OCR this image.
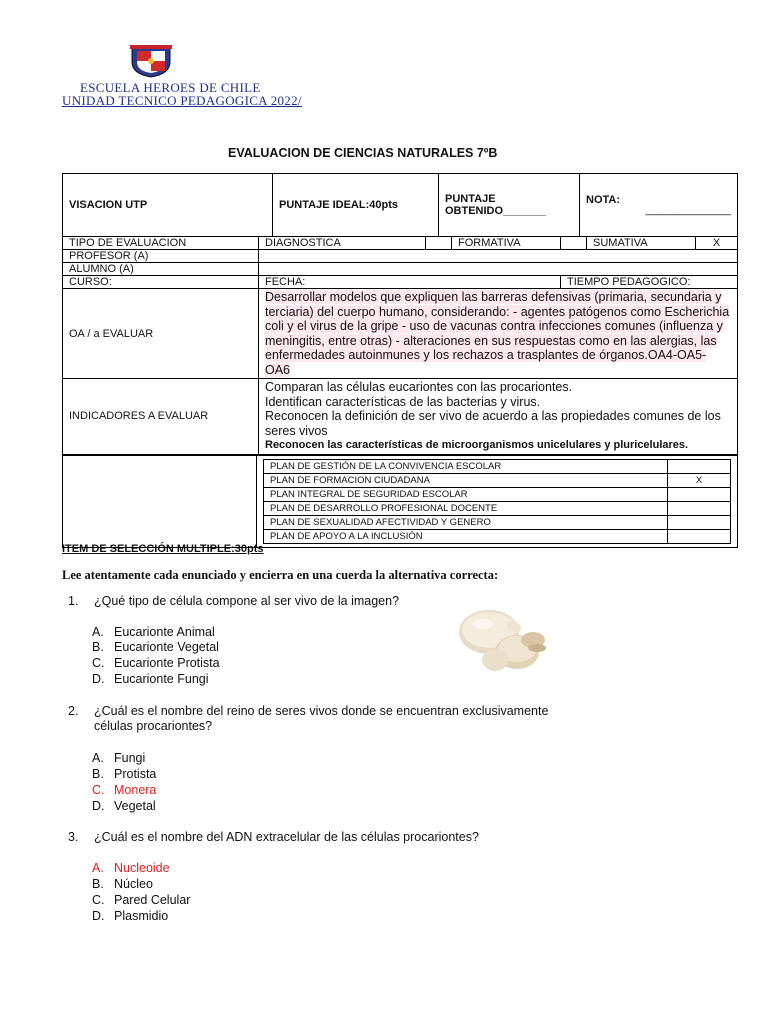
ESCUELA HEROES DE CHILE
UNIDAD TECNICO PEDAGOGICA 2022/
EVALUACION DE CIENCIAS NATURALES 7ºB
VISACION UTP	PUNTAJE IDEAL:40pts	PUNTAJE
OBTENIDO_______
	NOTA:
______________
TIPO DE EVALUACION	DIAGNOSTICA		FORMATIVA		SUMATIVA	X
PROFESOR (A)						
ALUMNO (A)						
CURSO:	FECHA:			TIEMPO PEDAGOGICO:		
OA / a EVALUAR	Desarrollar modelos que expliquen las barreras defensivas (primaria, secundaria y terciaria) del cuerpo humano, considerando: - agentes patógenos como Escherichia coli y el virus de la gripe - uso de vacunas contra infecciones comunes (influenza y meningitis, entre otras) - alteraciones en sus respuestas como en las alergias, las enfermedades autoinmunes y los rechazos a trasplantes de órganos.OA4-OA5-OA6					
INDICADORES A EVALUAR	Comparan las células eucariontes con las procariontes.
Identifican características de las bacterias y virus.
Reconocen la definición de ser vivo de acuerdo a las propiedades comunes de los seres vivos
Reconocen las características de microorganismos unicelulares y pluricelulares.					

PLAN DE GESTIÓN DE LA CONVIVENCIA ESCOLAR	
PLAN DE FORMACION CIUDADANA	X
PLAN INTEGRAL DE SEGURIDAD ESCOLAR	
PLAN DE DESARROLLO PROFESIONAL DOCENTE	
PLAN DE SEXUALIDAD AFECTIVIDAD Y GENERO	
PLAN DE APOYO A LA INCLUSIÓN	
ITEM DE SELECCIÓN MULTIPLE:30pts
Lee atentamente cada enunciado y encierra en una cuerda la alternativa correcta:
1. ¿Qué tipo de célula compone al ser vivo de la imagen?
A. Eucarionte Animal
B. Eucarionte Vegetal
C. Eucarionte Protista
D. Eucarionte Fungi
2. ¿Cuál es el nombre del reino de seres vivos donde se encuentran exclusivamente
células procariontes?
A. Fungi
B. Protista
C. Monera
D. Vegetal
3. ¿Cuál es el nombre del ADN extracelular de las células procariontes?
A. Nucleoide
B. Núcleo
C. Pared Celular
D. Plasmidio
